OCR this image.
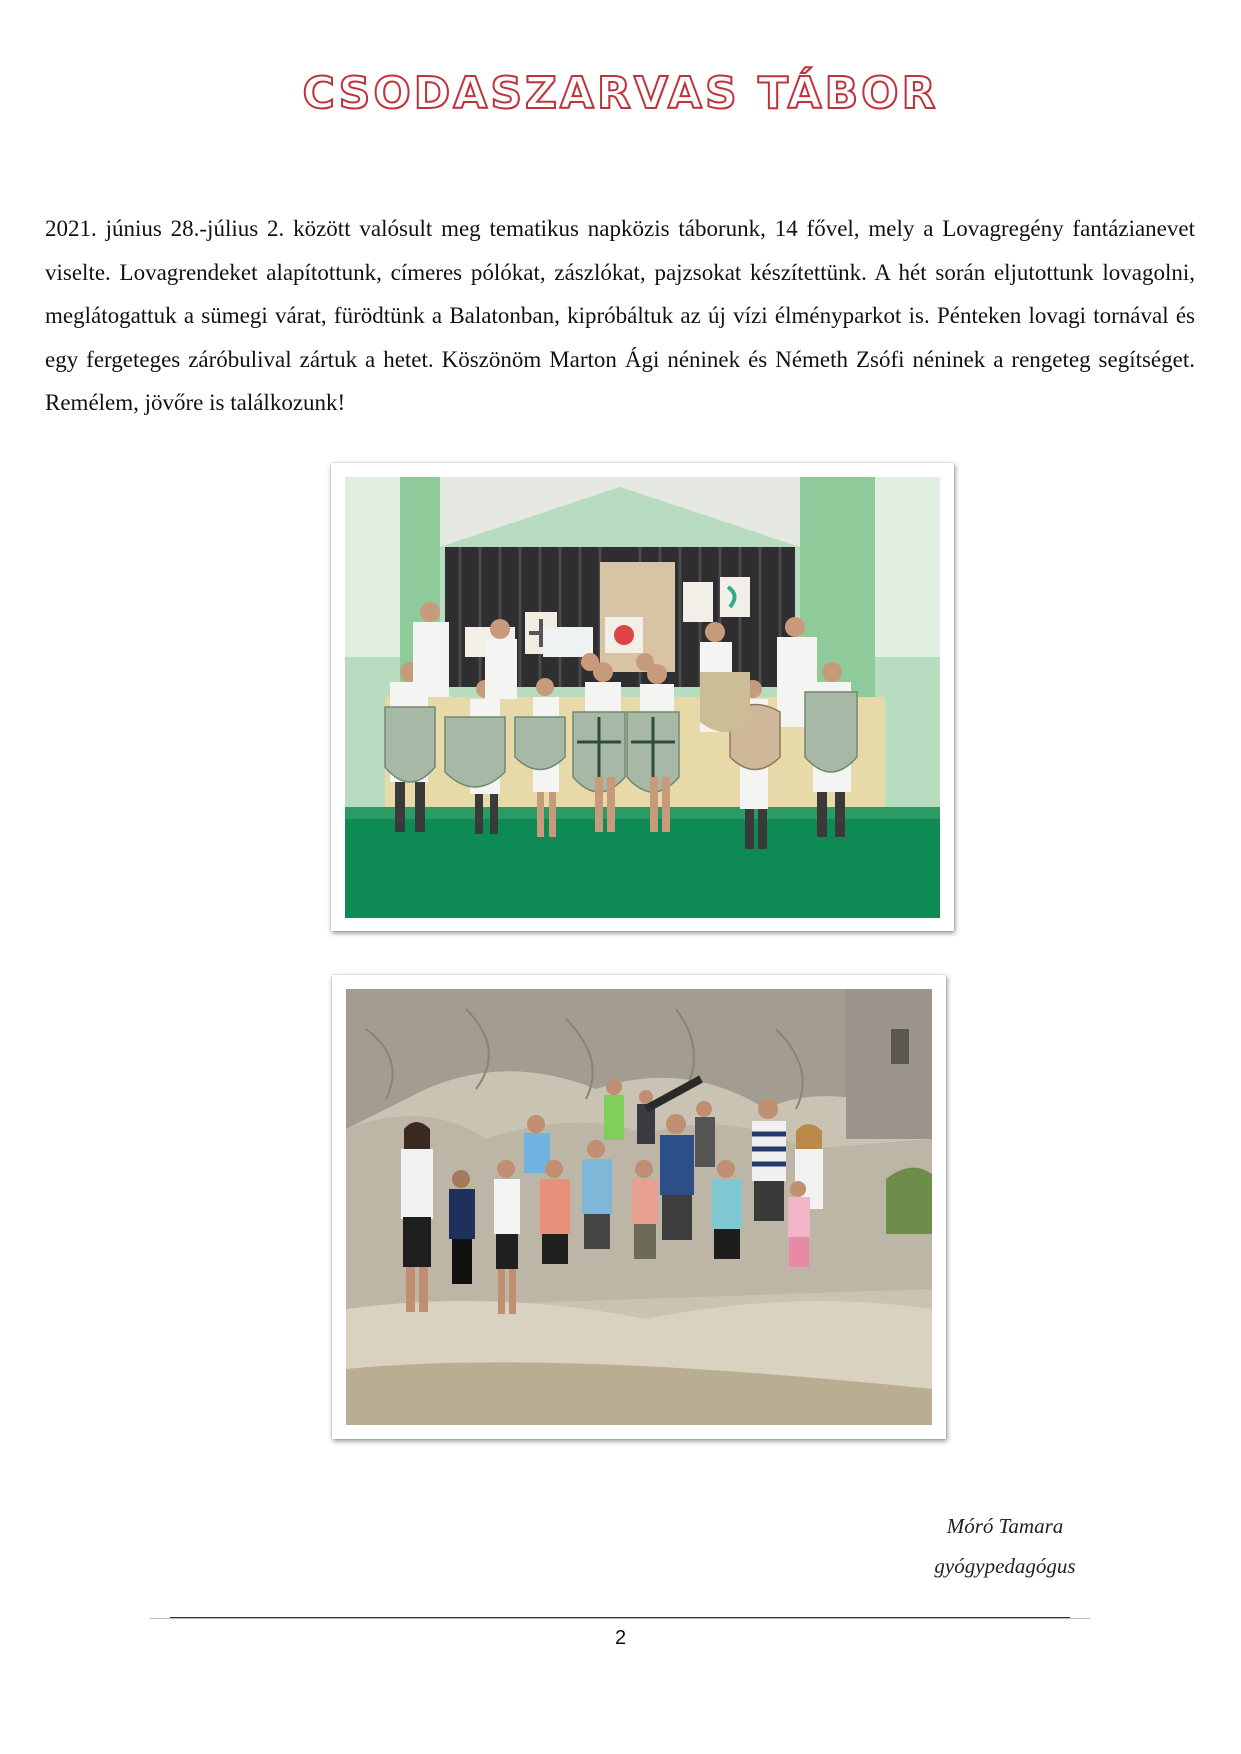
CSODASZARVAS TÁBOR
2021. június 28.-július 2. között valósult meg tematikus napközis táborunk, 14 fővel, mely a Lovagregény fantázianevet viselte. Lovagrendeket alapítottunk, címeres pólókat, zászlókat, pajzsokat készítettünk. A hét során eljutottunk lovagolni, meglátogattuk a sümegi várat, fürödtünk a Balatonban, kipróbáltuk az új vízi élményparkot is. Pénteken lovagi tornával és egy fergeteges záróbulival zártuk a hetet. Köszönöm Marton Ági néninek és Németh Zsófi néninek a rengeteg segítséget. Remélem, jövőre is találkozunk!
Móró Tamara
gyógypedagógus
2
